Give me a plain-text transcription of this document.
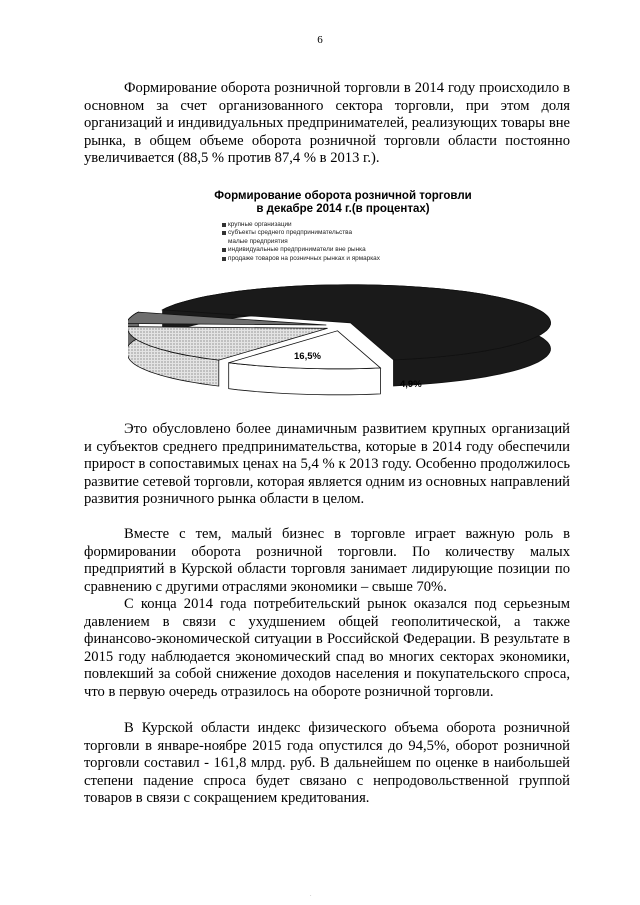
6

Формирование оборота розничной торговли в 2014 году происходило в основном за счет организованного сектора торговли, при этом доля организаций и индивидуальных предпринимателей, реализующих товары вне рынка, в общем объеме оборота розничной торговли области постоянно увеличивается (88,5 % против 87,4 % в 2013 г.).

Формирование оборота розничной торговли
в декабре 2014 г.(в процентах)
крупные организации
субъекты среднего предпринимательства
малые предприятия
индивидуальные предприниматели вне рынка
продаже товаров на розничных рынках и ярмарках
16,5%
4,9%

Это обусловлено более динамичным развитием крупных организаций и субъектов среднего предпринимательства, которые в 2014 году обеспечили прирост в сопоставимых ценах на 5,4 % к 2013 году. Особенно продолжилось развитие сетевой торговли, которая является одним из основных направлений развития розничного рынка области в целом.

Вместе с тем, малый бизнес в торговле играет важную роль в формировании оборота розничной торговли. По количеству малых предприятий в Курской области торговля занимает лидирующие позиции по сравнению с другими отраслями экономики – свыше 70%.

С конца 2014 года потребительский рынок оказался под серьезным давлением в связи с ухудшением общей геополитической, а также финансово-экономической ситуации в Российской Федерации. В результате в 2015 году наблюдается экономический спад во многих секторах экономики, повлекший за собой снижение доходов населения и покупательского спроса, что в первую очередь отразилось на обороте розничной торговли.

В Курской области индекс физического объема оборота розничной торговли в январе-ноябре 2015 года опустился до 94,5%, оборот розничной торговли составил - 161,8 млрд. руб. В дальнейшем по оценке в наибольшей степени падение спроса будет связано с непродовольственной группой товаров в связи с сокращением кредитования.

.
